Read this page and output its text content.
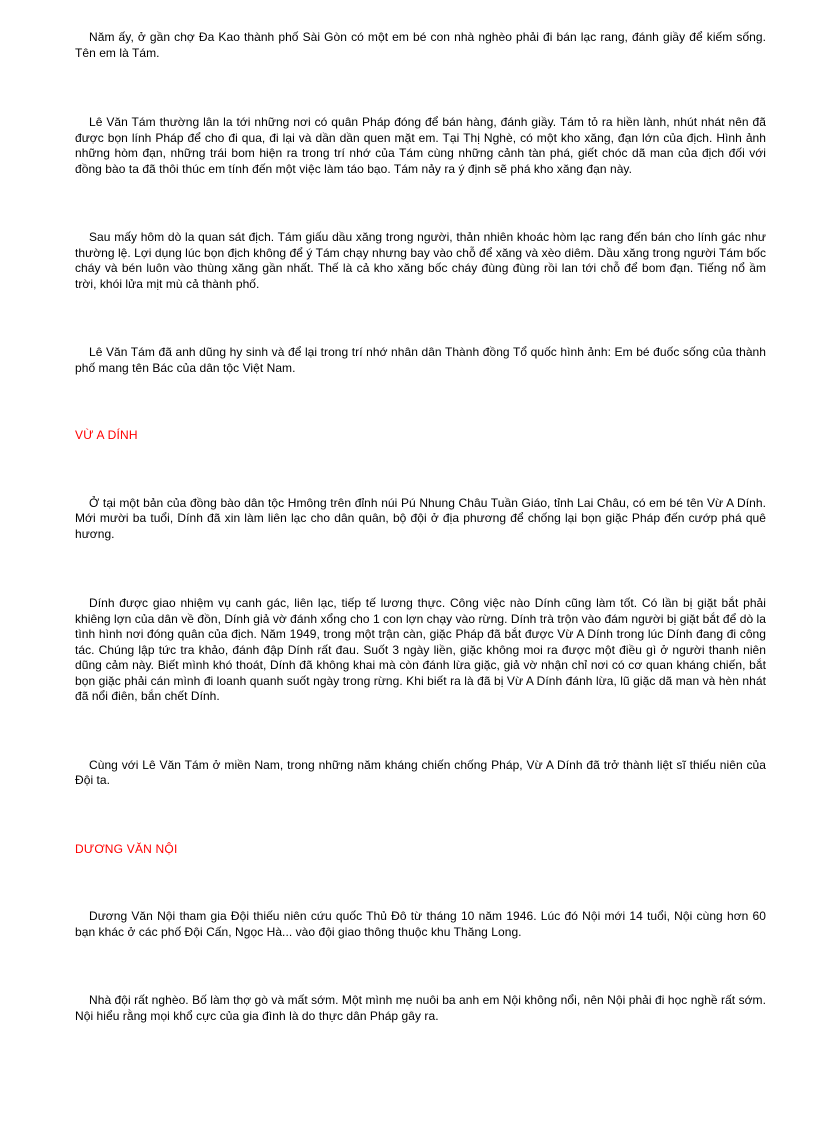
Năm ấy, ở gần chợ Đa Kao thành phố Sài Gòn có một em bé con nhà nghèo phải đi bán lạc rang, đánh giầy để kiếm sống. Tên em là Tám.

Lê Văn Tám thường lân la tới những nơi có quân Pháp đóng để bán hàng, đánh giầy. Tám tỏ ra hiền lành, nhút nhát nên đã được bọn lính Pháp để cho đi qua, đi lại và dần dần quen mặt em. Tại Thị Nghè, có một kho xăng, đạn lớn của địch. Hình ảnh những hòm đạn, những trái bom hiện ra trong trí nhớ của Tám cùng những cảnh tàn phá, giết chóc dã man của địch đối với đồng bào ta đã thôi thúc em tính đến một việc làm táo bạo. Tám nảy ra ý định sẽ phá kho xăng đạn này.

Sau mấy hôm dò la quan sát địch. Tám giấu dầu xăng trong người, thản nhiên khoác hòm lạc rang đến bán cho lính gác như thường lệ. Lợi dụng lúc bọn địch không để ý Tám chạy nhưng bay vào chỗ để xăng và xèo diêm. Dầu xăng trong người Tám bốc cháy và bén luôn vào thùng xăng gần nhất. Thế là cả kho xăng bốc cháy đùng đùng rồi lan tới chỗ để bom đạn. Tiếng nổ ầm trời, khói lửa mịt mù cả thành phố.

Lê Văn Tám đã anh dũng hy sinh và để lại trong trí nhớ nhân dân Thành đồng Tổ quốc hình ảnh: Em bé đuốc sống của thành phố mang tên Bác của dân tộc Việt Nam.

VỪ A DÍNH

Ở tại một bản của đồng bào dân tộc Hmông trên đỉnh núi Pú Nhung Châu Tuần Giáo, tỉnh Lai Châu, có em bé tên Vừ A Dính. Mới mười ba tuổi, Dính đã xin làm liên lạc cho dân quân, bộ đội ở địa phương để chống lại bọn giặc Pháp đến cướp phá quê hương.

Dính được giao nhiệm vụ canh gác, liên lạc, tiếp tế lương thực. Công việc nào Dính cũng làm tốt. Có lần bị giặt bắt phải khiêng lợn của dân về đồn, Dính giả vờ đánh xổng cho 1 con lợn chạy vào rừng. Dính trà trộn vào đám người bị giặt bắt để dò la tình hình nơi đóng quân của địch. Năm 1949, trong một trận càn, giặc Pháp đã bắt được Vừ A Dính trong lúc Dính đang đi công tác. Chúng lập tức tra khảo, đánh đập Dính rất đau. Suốt 3 ngày liền, giặc không moi ra được một điều gì ở người thanh niên dũng cảm này. Biết mình khó thoát, Dính đã không khai mà còn đánh lừa giặc, giả vờ nhận chỉ nơi có cơ quan kháng chiến, bắt bọn giặc phải cán mình đi loanh quanh suốt ngày trong rừng. Khi biết ra là đã bị Vừ A Dính đánh lừa, lũ giặc dã man và hèn nhát đã nổi điên, bắn chết Dính.

Cùng với Lê Văn Tám ở miền Nam, trong những năm kháng chiến chống Pháp, Vừ A Dính đã trở thành liệt sĩ thiếu niên của Đội ta.

DƯƠNG VĂN NỘI

Dương Văn Nội tham gia Đội thiếu niên cứu quốc Thủ Đô từ tháng 10 năm 1946. Lúc đó Nội mới 14 tuổi, Nội cùng hơn 60 bạn khác ở các phố Đội Cấn, Ngọc Hà... vào đội giao thông thuộc khu Thăng Long.

Nhà đội rất nghèo. Bố làm thợ gò và mất sớm. Một mình mẹ nuôi ba anh em Nội không nổi, nên Nội phải đi học nghề rất sớm. Nội hiểu rằng mọi khổ cực của gia đình là do thực dân Pháp gây ra.
